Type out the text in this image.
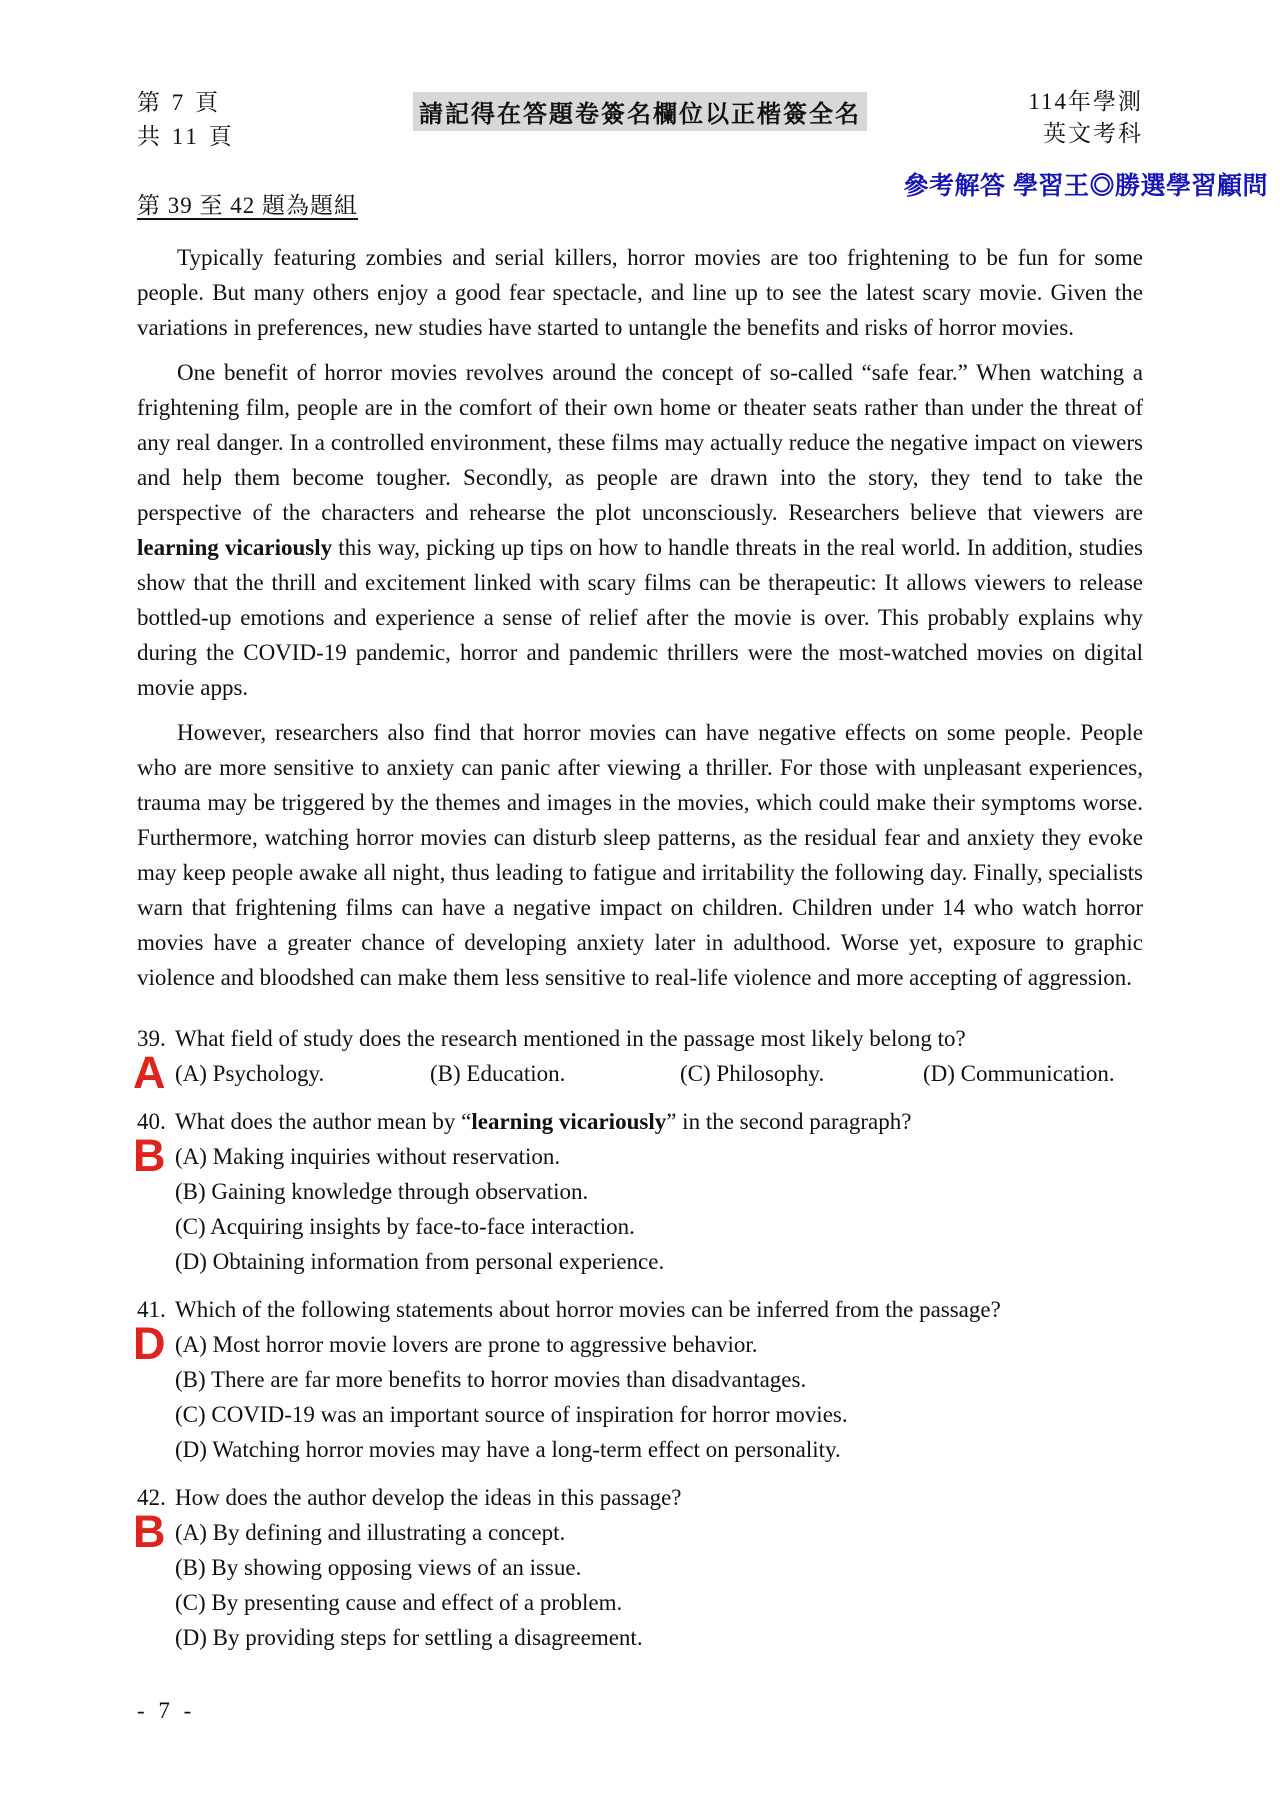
第 7 頁
共 11 頁
請記得在答題卷簽名欄位以正楷簽全名
114年學測
英文考科
參考解答 學習王◎勝選學習顧問
第 39 至 42 題為題組

Typically featuring zombies and serial killers, horror movies are too frightening to be fun for some people. But many others enjoy a good fear spectacle, and line up to see the latest scary movie. Given the variations in preferences, new studies have started to untangle the benefits and risks of horror movies.

One benefit of horror movies revolves around the concept of so-called “safe fear.” When watching a frightening film, people are in the comfort of their own home or theater seats rather than under the threat of any real danger. In a controlled environment, these films may actually reduce the negative impact on viewers and help them become tougher. Secondly, as people are drawn into the story, they tend to take the perspective of the characters and rehearse the plot unconsciously. Researchers believe that viewers are learning vicariously this way, picking up tips on how to handle threats in the real world. In addition, studies show that the thrill and excitement linked with scary films can be therapeutic: It allows viewers to release bottled-up emotions and experience a sense of relief after the movie is over. This probably explains why during the COVID-19 pandemic, horror and pandemic thrillers were the most-watched movies on digital movie apps.

However, researchers also find that horror movies can have negative effects on some people. People who are more sensitive to anxiety can panic after viewing a thriller. For those with unpleasant experiences, trauma may be triggered by the themes and images in the movies, which could make their symptoms worse. Furthermore, watching horror movies can disturb sleep patterns, as the residual fear and anxiety they evoke may keep people awake all night, thus leading to fatigue and irritability the following day. Finally, specialists warn that frightening films can have a negative impact on children. Children under 14 who watch horror movies have a greater chance of developing anxiety later in adulthood. Worse yet, exposure to graphic violence and bloodshed can make them less sensitive to real-life violence and more accepting of aggression.

39. What field of study does the research mentioned in the passage most likely belong to?
A (A) Psychology.	(B) Education.	(C) Philosophy.	(D) Communication.
40. What does the author mean by “learning vicariously” in the second paragraph?
B (A) Making inquiries without reservation.
(B) Gaining knowledge through observation.
(C) Acquiring insights by face-to-face interaction.
(D) Obtaining information from personal experience.
41. Which of the following statements about horror movies can be inferred from the passage?
D (A) Most horror movie lovers are prone to aggressive behavior.
(B) There are far more benefits to horror movies than disadvantages.
(C) COVID-19 was an important source of inspiration for horror movies.
(D) Watching horror movies may have a long-term effect on personality.
42. How does the author develop the ideas in this passage?
B (A) By defining and illustrating a concept.
(B) By showing opposing views of an issue.
(C) By presenting cause and effect of a problem.
(D) By providing steps for settling a disagreement.
- 7 -
